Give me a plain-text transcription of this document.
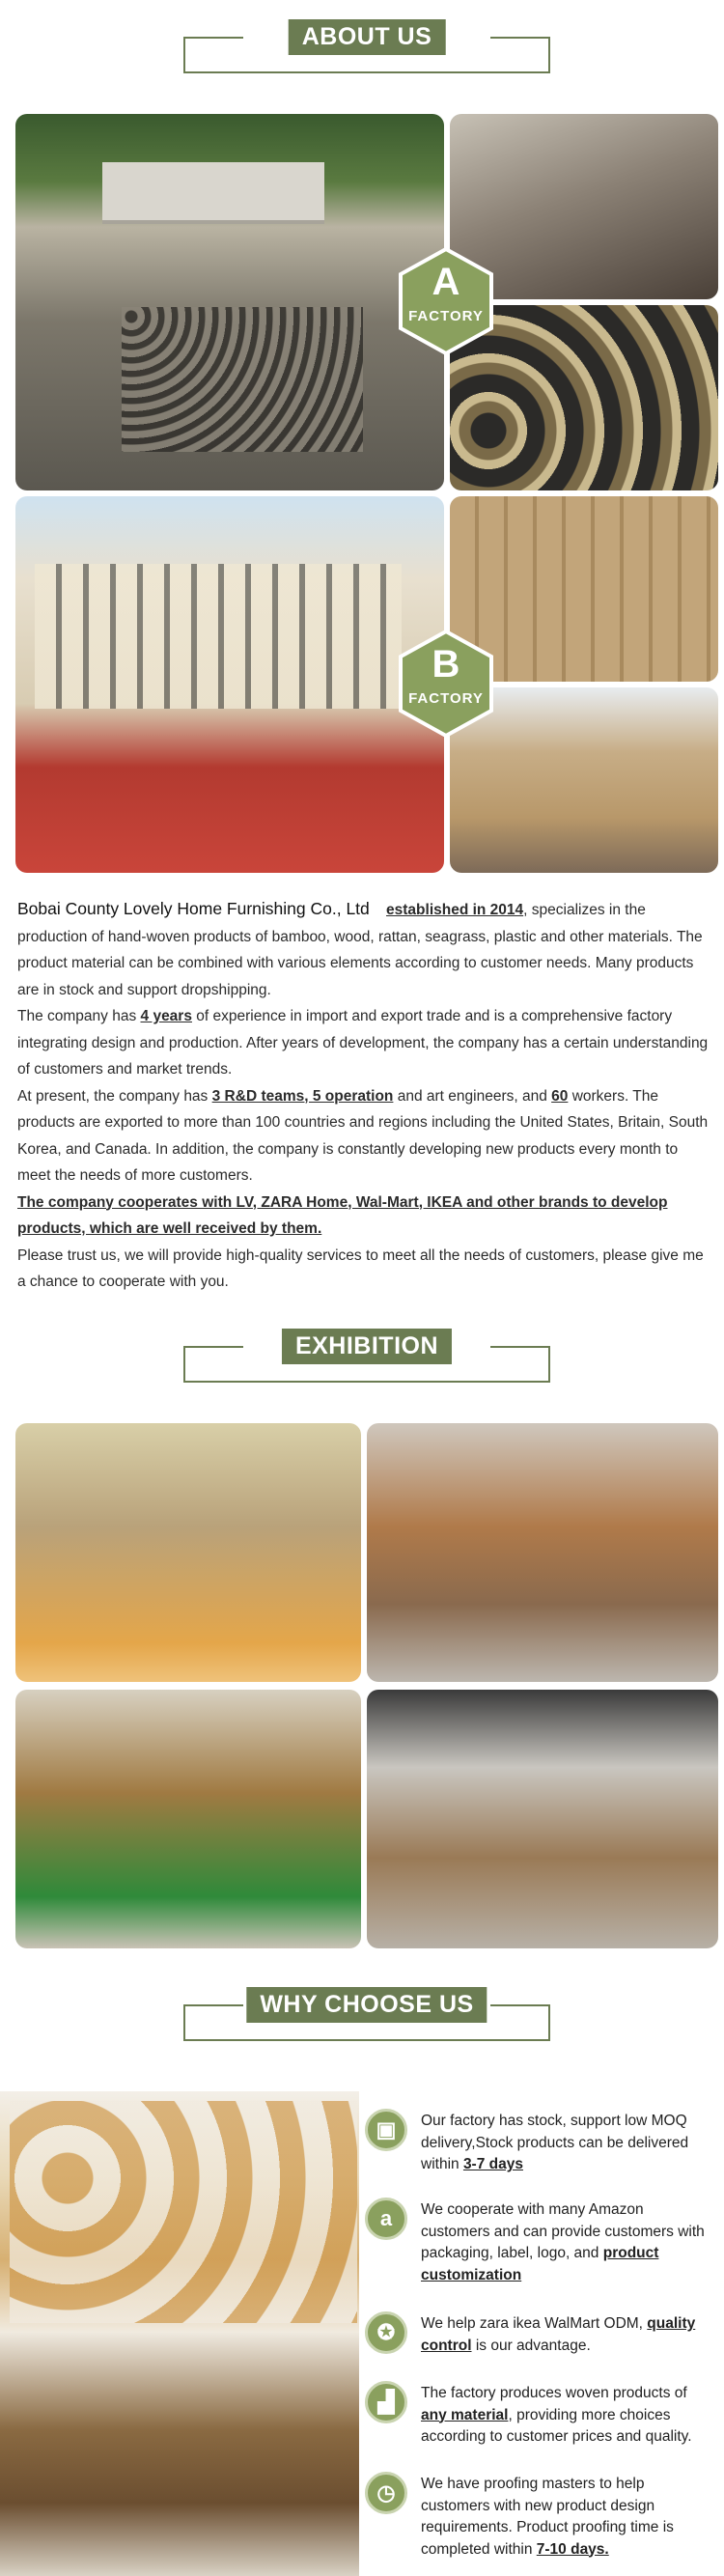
ABOUT US
A
FACTORY
B
FACTORY
Bobai County Lovely Home Furnishing Co., Ltd established in 2014, specializes in the production of hand-woven products of bamboo, wood, rattan, seagrass, plastic and other materials. The product material can be combined with various elements according to customer needs. Many products are in stock and support dropshipping.
The company has 4 years of experience in import and export trade and is a comprehensive factory integrating design and production. After years of development, the company has a certain understanding of customers and market trends.
At present, the company has 3 R&D teams, 5 operation and art engineers, and 60 workers. The products are exported to more than 100 countries and regions including the United States, Britain, South Korea, and Canada. In addition, the company is constantly developing new products every month to meet the needs of more customers.
The company cooperates with LV, ZARA Home, Wal-Mart, IKEA and other brands to develop products, which are well received by them.
Please trust us, we will provide high-quality services to meet all the needs of customers, please give me a chance to cooperate with you.
EXHIBITION
WHY CHOOSE US
▣	Our factory has stock, support low MOQ delivery,Stock products can be delivered within 3-7 days
a	We cooperate with many Amazon customers and can provide customers with packaging, label, logo, and product customization
✪	We help zara ikea WalMart ODM, quality control is our advantage.
▟	The factory produces woven products of any material, providing more choices according to customer prices and quality.
◷	We have proofing masters to help customers with new product design requirements. Product proofing time is completed within 7-10 days.
